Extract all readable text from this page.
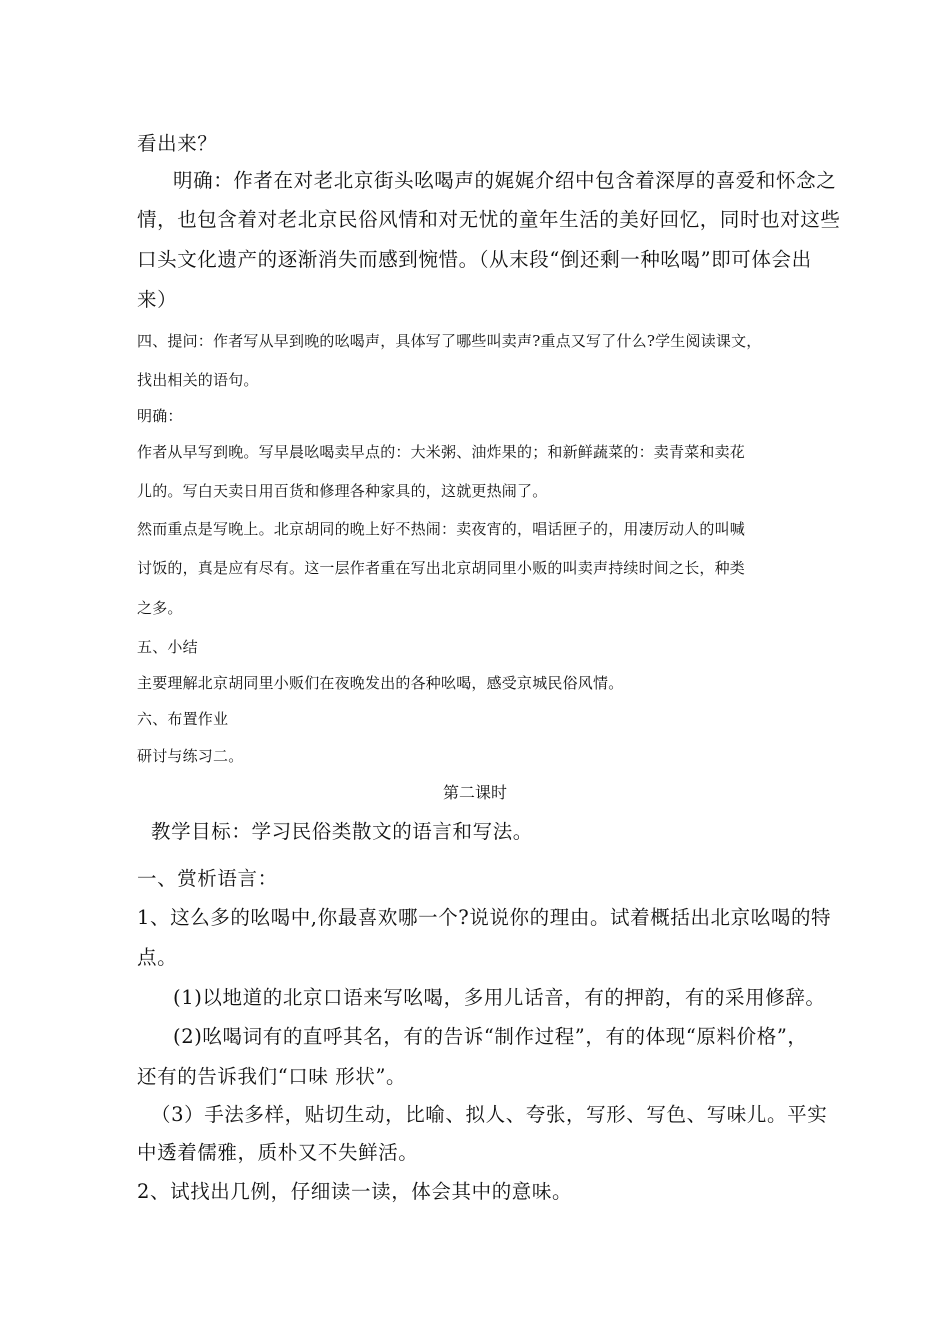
看出来？

明确：作者在对老北京街头吆喝声的娓娓介绍中包含着深厚的喜爱和怀念之

情，也包含着对老北京民俗风情和对无忧的童年生活的美好回忆，同时也对这些

口头文化遗产的逐渐消失而感到惋惜。（从末段“倒还剩一种吆喝”即可体会出

来）

四、提问：作者写从早到晚的吆喝声，具体写了哪些叫卖声?重点又写了什么?学生阅读课文，

找出相关的语句。

明确：

作者从早写到晚。写早晨吆喝卖早点的：大米粥、油炸果的；和新鲜蔬菜的：卖青菜和卖花

儿的。写白天卖日用百货和修理各种家具的，这就更热闹了。

然而重点是写晚上。北京胡同的晚上好不热闹：卖夜宵的，唱话匣子的，用凄厉动人的叫喊

讨饭的，真是应有尽有。这一层作者重在写出北京胡同里小贩的叫卖声持续时间之长，种类

之多。

五、小结

主要理解北京胡同里小贩们在夜晚发出的各种吆喝，感受京城民俗风情。

六、布置作业

研讨与练习二。

第二课时

教学目标：学习民俗类散文的语言和写法。

一、赏析语言：

1、这么多的吆喝中,你最喜欢哪一个?说说你的理由。试着概括出北京吆喝的特

点。

(1)以地道的北京口语来写吆喝，多用儿话音，有的押韵，有的采用修辞。

(2)吆喝词有的直呼其名，有的告诉“制作过程”，有的体现“原料价格”，

还有的告诉我们“口味 形状”。

（3）手法多样，贴切生动，比喻、拟人、夸张，写形、写色、写味儿。平实

中透着儒雅，质朴又不失鲜活。

2、试找出几例，仔细读一读，体会其中的意味。
